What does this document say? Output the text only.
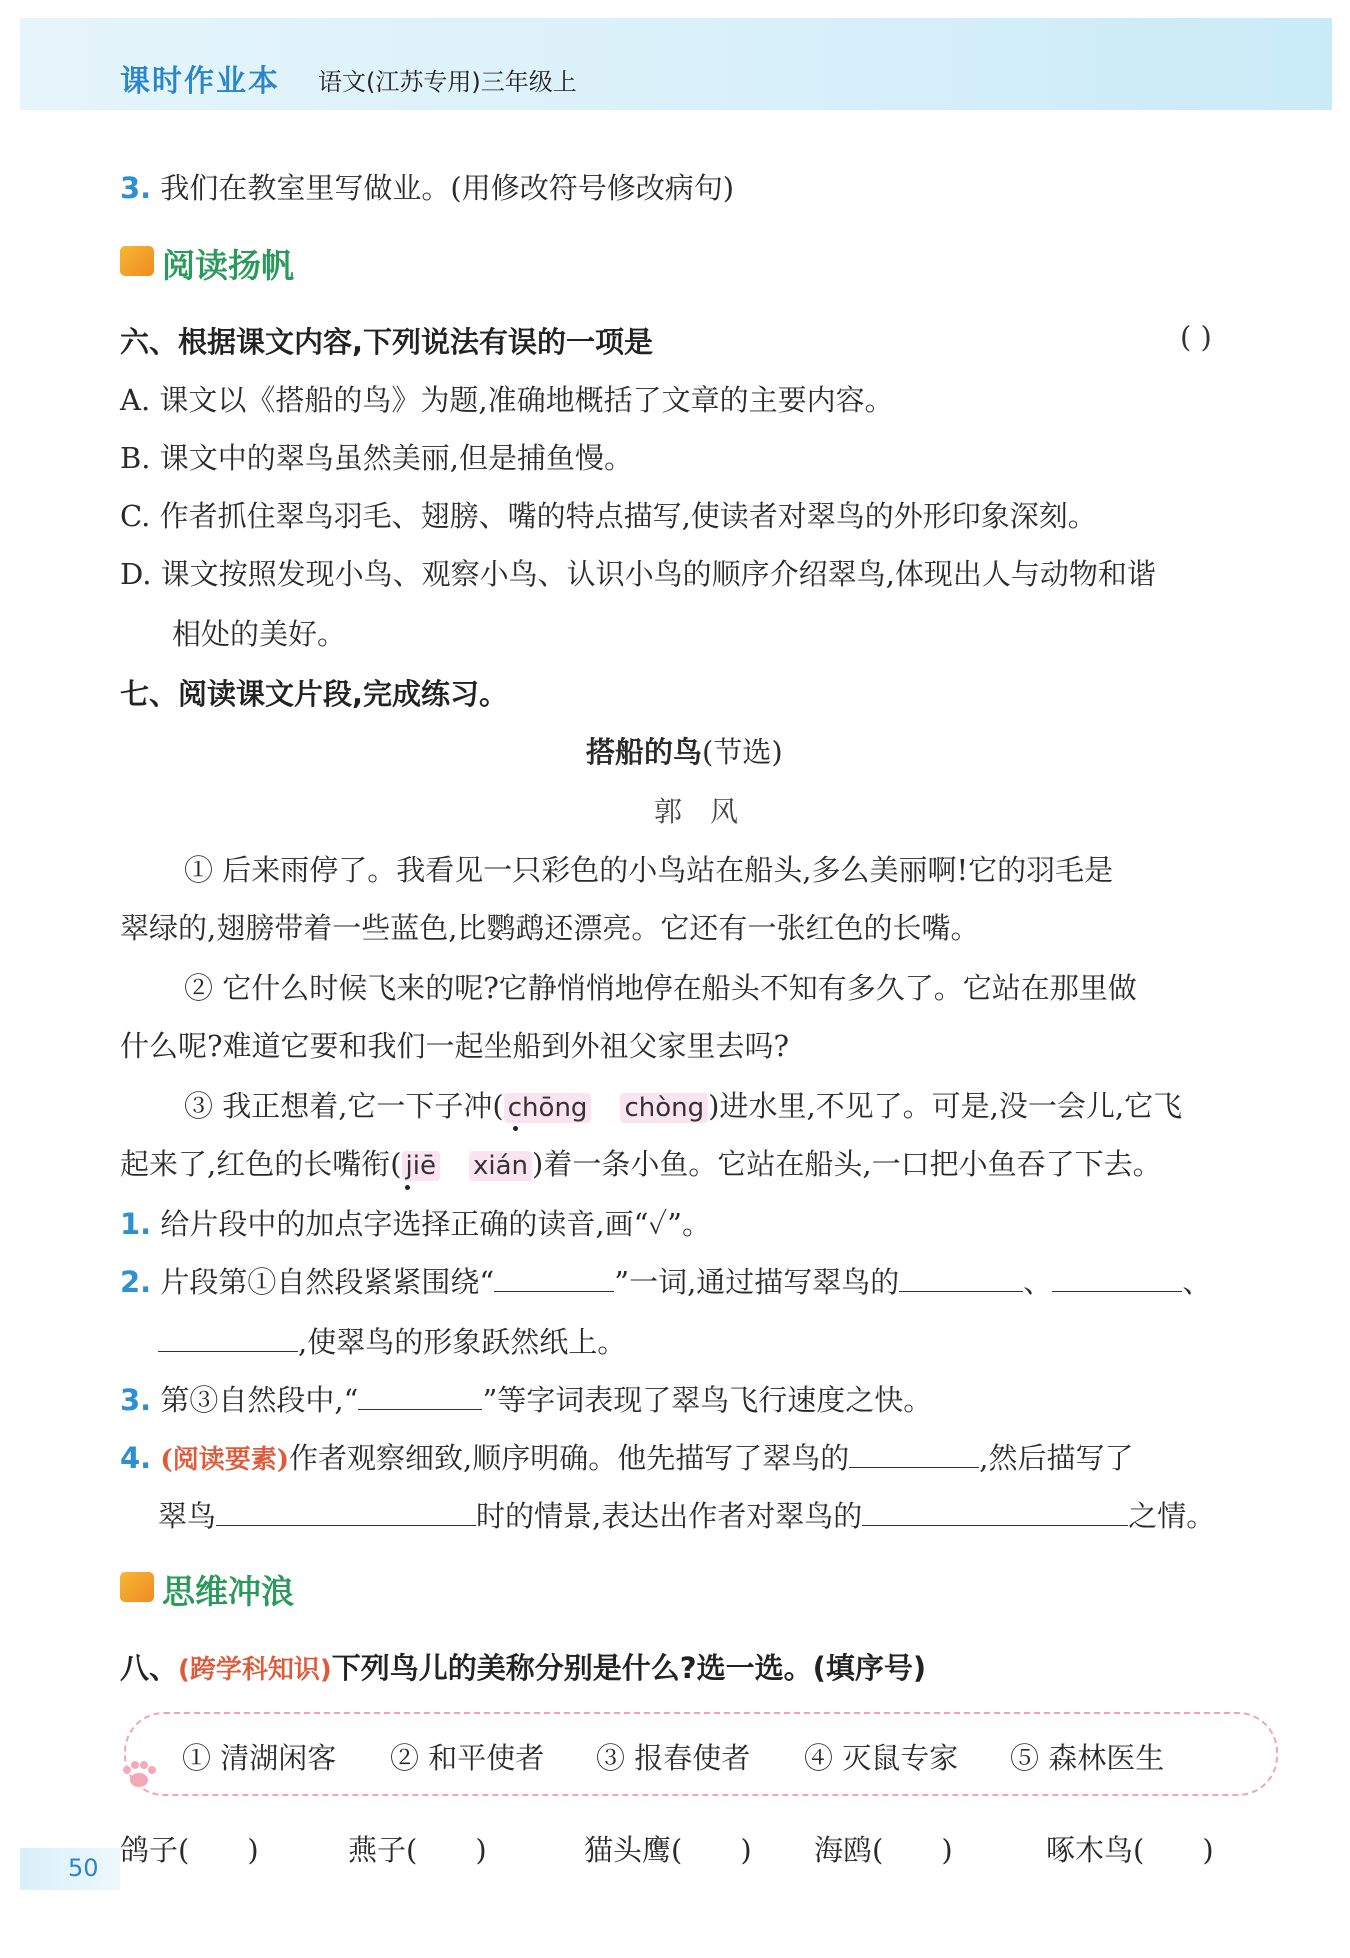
课时作业本 语文(江苏专用)三年级上
3. 我们在教室里写做业。(用修改符号修改病句)
阅读扬帆
六、根据课文内容,下列说法有误的一项是	( )
A. 课文以《搭船的鸟》为题,准确地概括了文章的主要内容。
B. 课文中的翠鸟虽然美丽,但是捕鱼慢。
C. 作者抓住翠鸟羽毛、翅膀、嘴的特点描写,使读者对翠鸟的外形印象深刻。
D. 课文按照发现小鸟、观察小鸟、认识小鸟的顺序介绍翠鸟,体现出人与动物和谐
相处的美好。
七、阅读课文片段,完成练习。
搭船的鸟(节选)
郭　风
① 后来雨停了。我看见一只彩色的小鸟站在船头,多么美丽啊!它的羽毛是
翠绿的,翅膀带着一些蓝色,比鹦鹉还漂亮。它还有一张红色的长嘴。
② 它什么时候飞来的呢?它静悄悄地停在船头不知有多久了。它站在那里做
什么呢?难道它要和我们一起坐船到外祖父家里去吗?
③ 我正想着,它一下子冲( chōng　 chòng )进水里,不见了。可是,没一会儿,它飞
起来了,红色的长嘴衔( jiē　 xián )着一条小鱼。它站在船头,一口把小鱼吞了下去。
1. 给片段中的加点字选择正确的读音,画“✓”。
2. 片段第①自然段紧紧围绕“	”一词,通过描写翠鸟的	、	、
,使翠鸟的形象跃然纸上。
3. 第③自然段中,“	”等字词表现了翠鸟飞行速度之快。
4. (阅读要素)作者观察细致,顺序明确。他先描写了翠鸟的	,然后描写了
翠鸟	时的情景,表达出作者对翠鸟的	之情。
思维冲浪
八、(跨学科知识)下列鸟儿的美称分别是什么?选一选。(填序号)
① 清湖闲客 ② 和平使者 ③ 报春使者 ④ 灭鼠专家 ⑤ 森林医生
鸽子(　　)	燕子(　　)	猫头鹰(　　) 海鸥(　　)	啄木鸟(　　)
50
